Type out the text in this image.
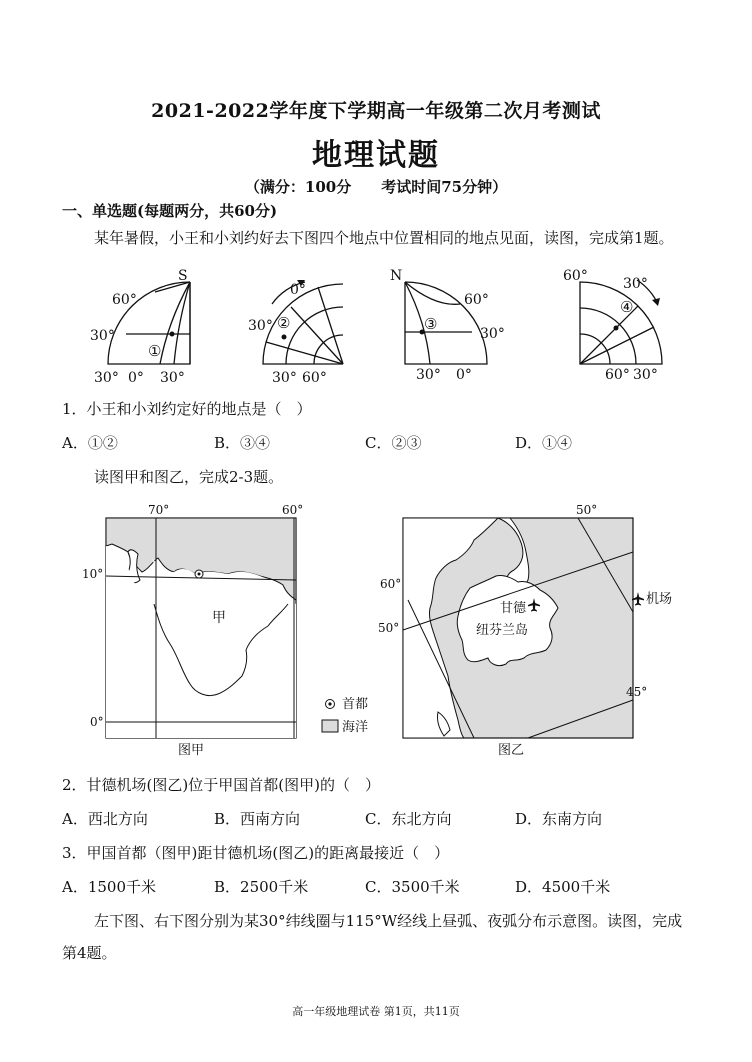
2021-2022学年度下学期高一年级第二次月考测试
地理试题
（满分：100分　　考试时间75分钟）
一、单选题(每题两分，共60分)
某年暑假，小王和小刘约好去下图四个地点中位置相同的地点见面，读图，完成第1题。
S
60°
30°
30° 0° 30°
①
0°
30°
30° 60°
②
N
60°
30°
30° 0°
③
60°	30°
60° 30°
④
1．小王和小刘约定好的地点是（　）
A．①②	B．③④	C．②③	D．①④
读图甲和图乙，完成2-3题。
70°	60°
10°
0°
甲
图甲
首都
海洋
50°
60°
50°
45°
甘德
纽芬兰岛
图乙
机场
2．甘德机场(图乙)位于甲国首都(图甲)的（　）
A．西北方向	B．西南方向	C．东北方向	D．东南方向
3．甲国首都（图甲)距甘德机场(图乙)的距离最接近（　）
A．1500千米	B．2500千米	C．3500千米	D．4500千米
左下图、右下图分别为某30°纬线圈与115°W经线上昼弧、夜弧分布示意图。读图，完成
第4题。
高一年级地理试卷 第1页，共11页
